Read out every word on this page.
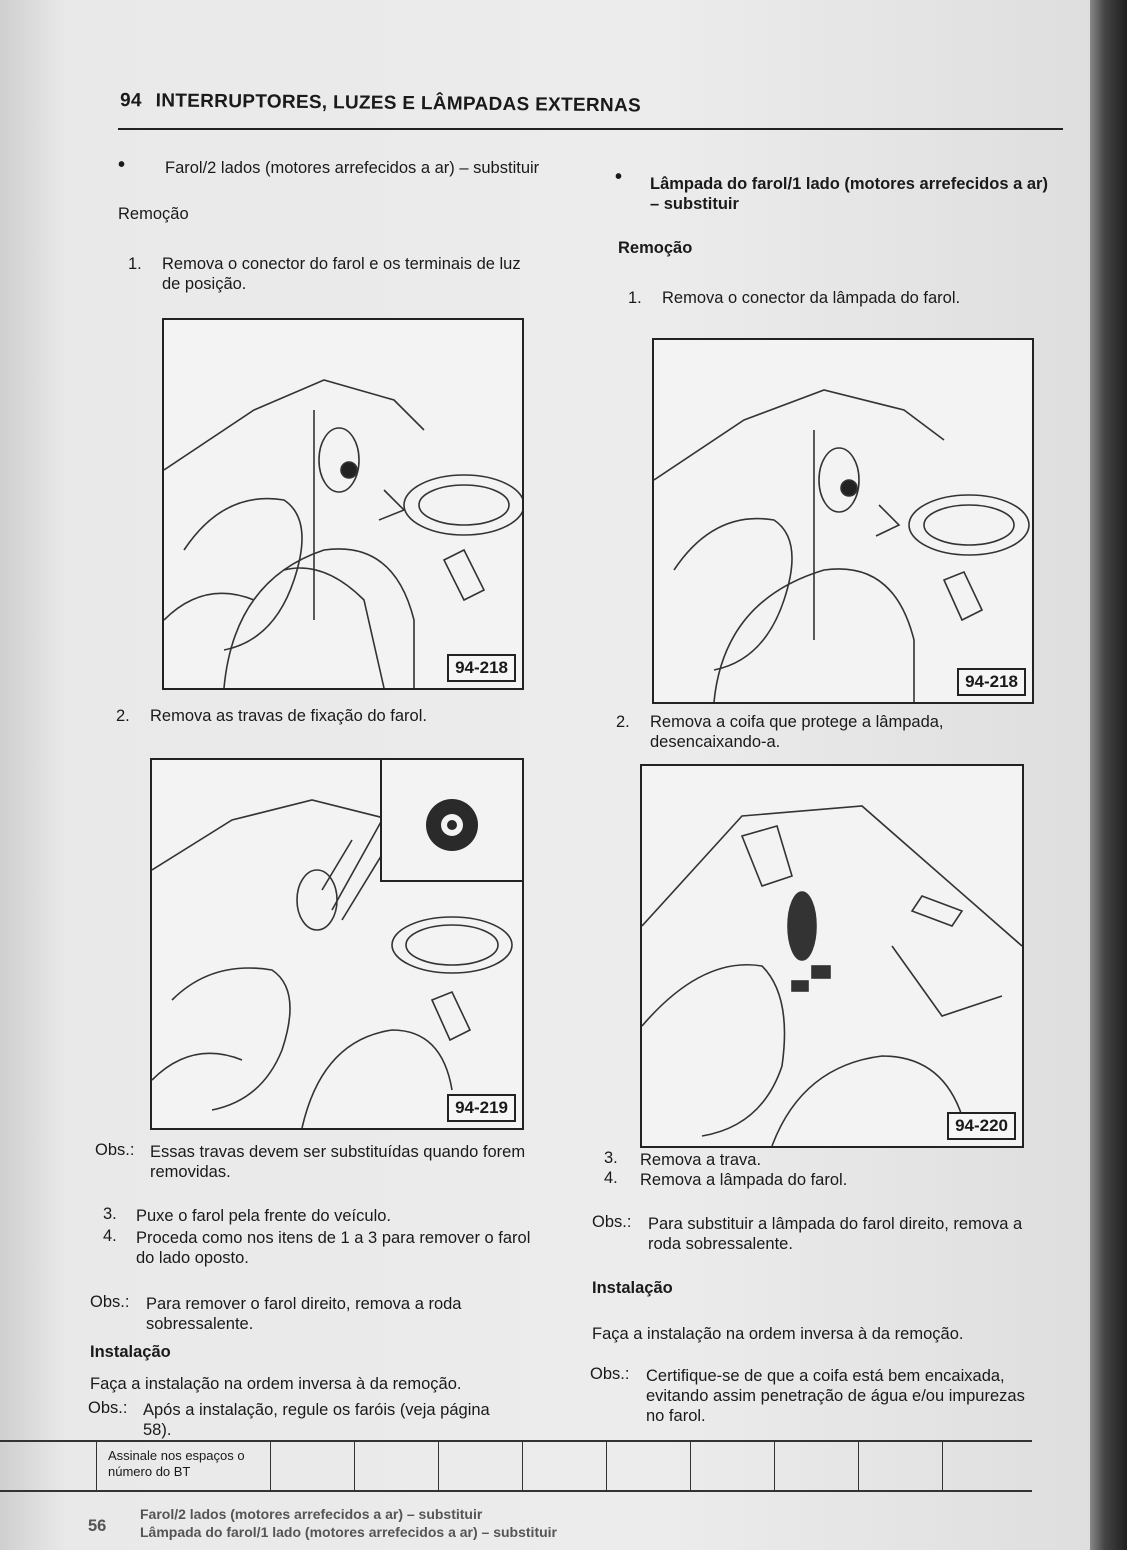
94 INTERRUPTORES, LUZES E LÂMPADAS EXTERNAS
• Farol/2 lados (motores arrefecidos a ar) – substituir
Remoção
1. Remova o conector do farol e os terminais de luz de posição.
94-218
2. Remova as travas de fixação do farol.
94-219
Obs.: Essas travas devem ser substituídas quando forem removidas.
3. Puxe o farol pela frente do veículo.
4. Proceda como nos itens de 1 a 3 para remover o farol do lado oposto.
Obs.: Para remover o farol direito, remova a roda sobressalente.
Instalação
Faça a instalação na ordem inversa à da remoção.
Obs.: Após a instalação, regule os faróis (veja página 58).
• Lâmpada do farol/1 lado (motores arrefecidos a ar) – substituir
Remoção
1. Remova o conector da lâmpada do farol.
94-218
2. Remova a coifa que protege a lâmpada, desencaixando-a.
94-220
3. Remova a trava.
4. Remova a lâmpada do farol.
Obs.: Para substituir a lâmpada do farol direito, remova a roda sobressalente.
Instalação
Faça a instalação na ordem inversa à da remoção.
Obs.: Certifique-se de que a coifa está bem encaixada, evitando assim penetração de água e/ou impurezas no farol.
Assinale nos espaços o número do BT
56
Farol/2 lados (motores arrefecidos a ar) – substituir
Lâmpada do farol/1 lado (motores arrefecidos a ar) – substituir
